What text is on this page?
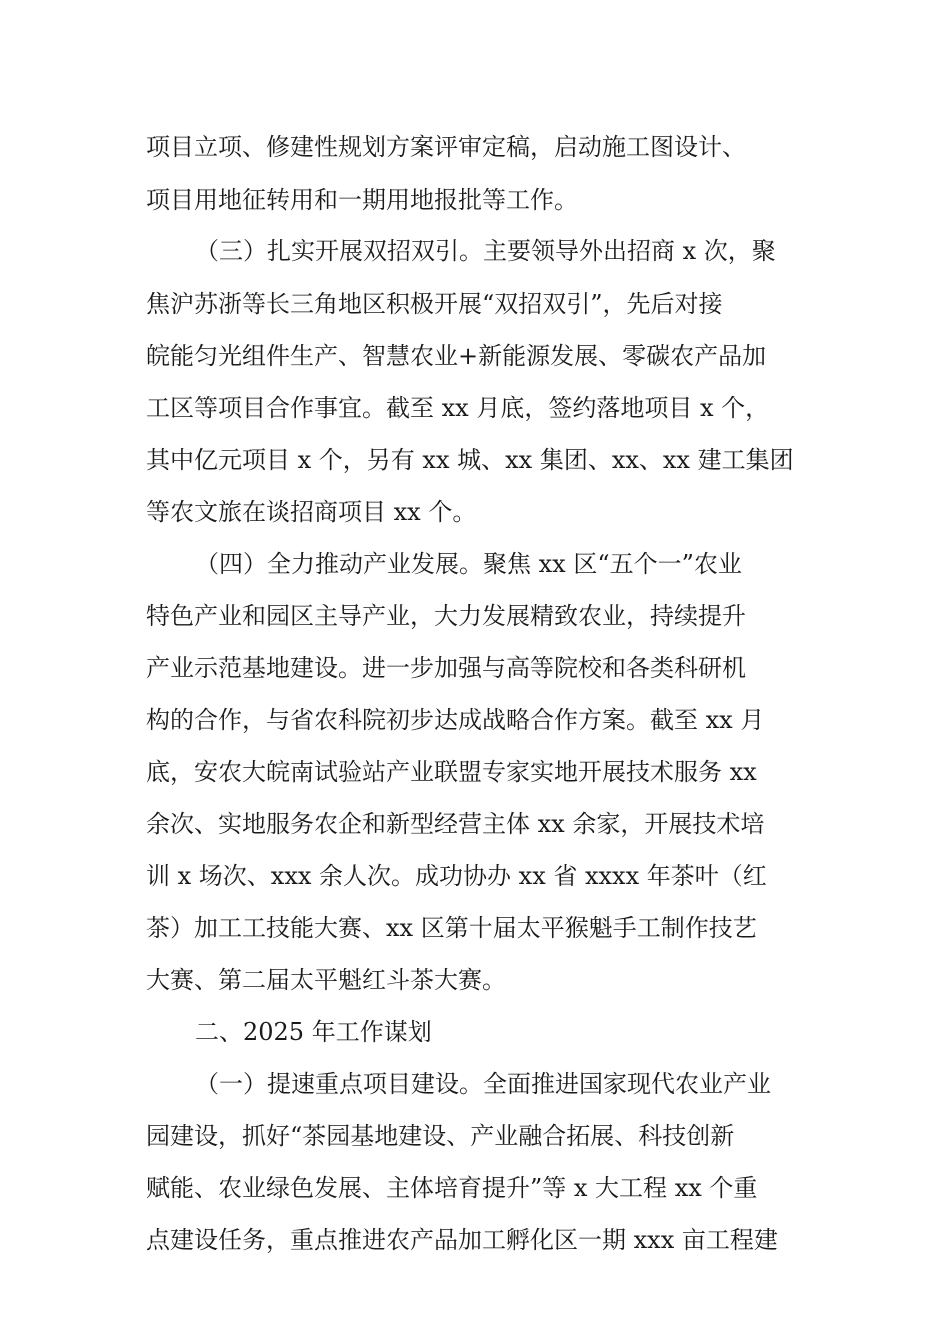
项目立项、修建性规划方案评审定稿，启动施工图设计、
项目用地征转用和一期用地报批等工作。
（三）扎实开展双招双引。主要领导外出招商 x 次，聚
焦沪苏浙等长三角地区积极开展“双招双引”，先后对接
皖能匀光组件生产、智慧农业+新能源发展、零碳农产品加
工区等项目合作事宜。截至 xx 月底，签约落地项目 x 个，
其中亿元项目 x 个，另有 xx 城、xx 集团、xx、xx 建工集团
等农文旅在谈招商项目 xx 个。
（四）全力推动产业发展。聚焦 xx 区“五个一”农业
特色产业和园区主导产业，大力发展精致农业，持续提升
产业示范基地建设。进一步加强与高等院校和各类科研机
构的合作，与省农科院初步达成战略合作方案。截至 xx 月
底，安农大皖南试验站产业联盟专家实地开展技术服务 xx
余次、实地服务农企和新型经营主体 xx 余家，开展技术培
训 x 场次、xxx 余人次。成功协办 xx 省 xxxx 年茶叶（红
茶）加工工技能大赛、xx 区第十届太平猴魁手工制作技艺
大赛、第二届太平魁红斗茶大赛。
二、2025 年工作谋划
（一）提速重点项目建设。全面推进国家现代农业产业
园建设，抓好“茶园基地建设、产业融合拓展、科技创新
赋能、农业绿色发展、主体培育提升”等 x 大工程 xx 个重
点建设任务，重点推进农产品加工孵化区一期 xxx 亩工程建
